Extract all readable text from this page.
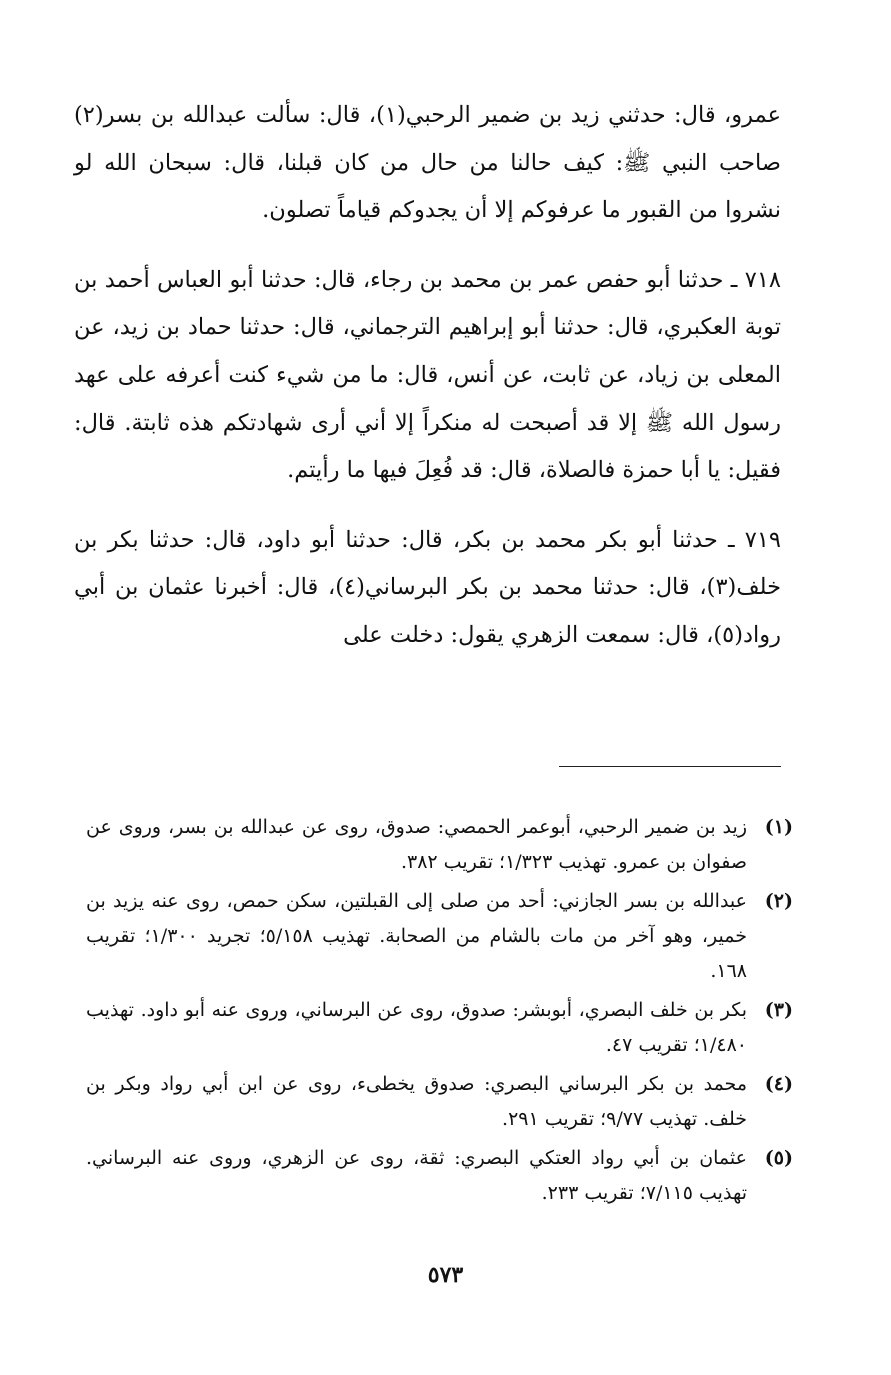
عمرو، قال: حدثني زيد بن ضمير الرحبي(١)، قال: سألت عبدالله بن بسر(٢) صاحب النبي ﷺ: كيف حالنا من حال من كان قبلنا، قال: سبحان الله لو نشروا من القبور ما عرفوكم إلا أن يجدوكم قياماً تصلون.

٧١٨ ـ حدثنا أبو حفص عمر بن محمد بن رجاء، قال: حدثنا أبو العباس أحمد بن توبة العكبري، قال: حدثنا أبو إبراهيم الترجماني، قال: حدثنا حماد بن زيد، عن المعلى بن زياد، عن ثابت، عن أنس، قال: ما من شيء كنت أعرفه على عهد رسول الله ﷺ إلا قد أصبحت له منكراً إلا أني أرى شهادتكم هذه ثابتة. قال: فقيل: يا أبا حمزة فالصلاة، قال: قد فُعِلَ فيها ما رأيتم.

٧١٩ ـ حدثنا أبو بكر محمد بن بكر، قال: حدثنا أبو داود، قال: حدثنا بكر بن خلف(٣)، قال: حدثنا محمد بن بكر البرساني(٤)، قال: أخبرنا عثمان بن أبي رواد(٥)، قال: سمعت الزهري يقول: دخلت على

(١)
زيد بن ضمير الرحبي، أبوعمر الحمصي: صدوق، روى عن عبدالله بن بسر، وروى عن صفوان بن عمرو. تهذيب ١/٣٢٣؛ تقريب ٣٨٢.
(٢)
عبدالله بن بسر الجازني: أحد من صلى إلى القبلتين، سكن حمص، روى عنه يزيد بن خمير، وهو آخر من مات بالشام من الصحابة. تهذيب ٥/١٥٨؛ تجريد ١/٣٠٠؛ تقريب ١٦٨.
(٣)
بكر بن خلف البصري، أبوبشر: صدوق، روى عن البرساني، وروى عنه أبو داود. تهذيب ١/٤٨٠؛ تقريب ٤٧.
(٤)
محمد بن بكر البرساني البصري: صدوق يخطىء، روى عن ابن أبي رواد وبكر بن خلف. تهذيب ٩/٧٧؛ تقريب ٢٩١.
(٥)
عثمان بن أبي رواد العتكي البصري: ثقة، روى عن الزهري، وروى عنه البرساني. تهذيب ٧/١١٥؛ تقريب ٢٣٣.
٥٧٣
